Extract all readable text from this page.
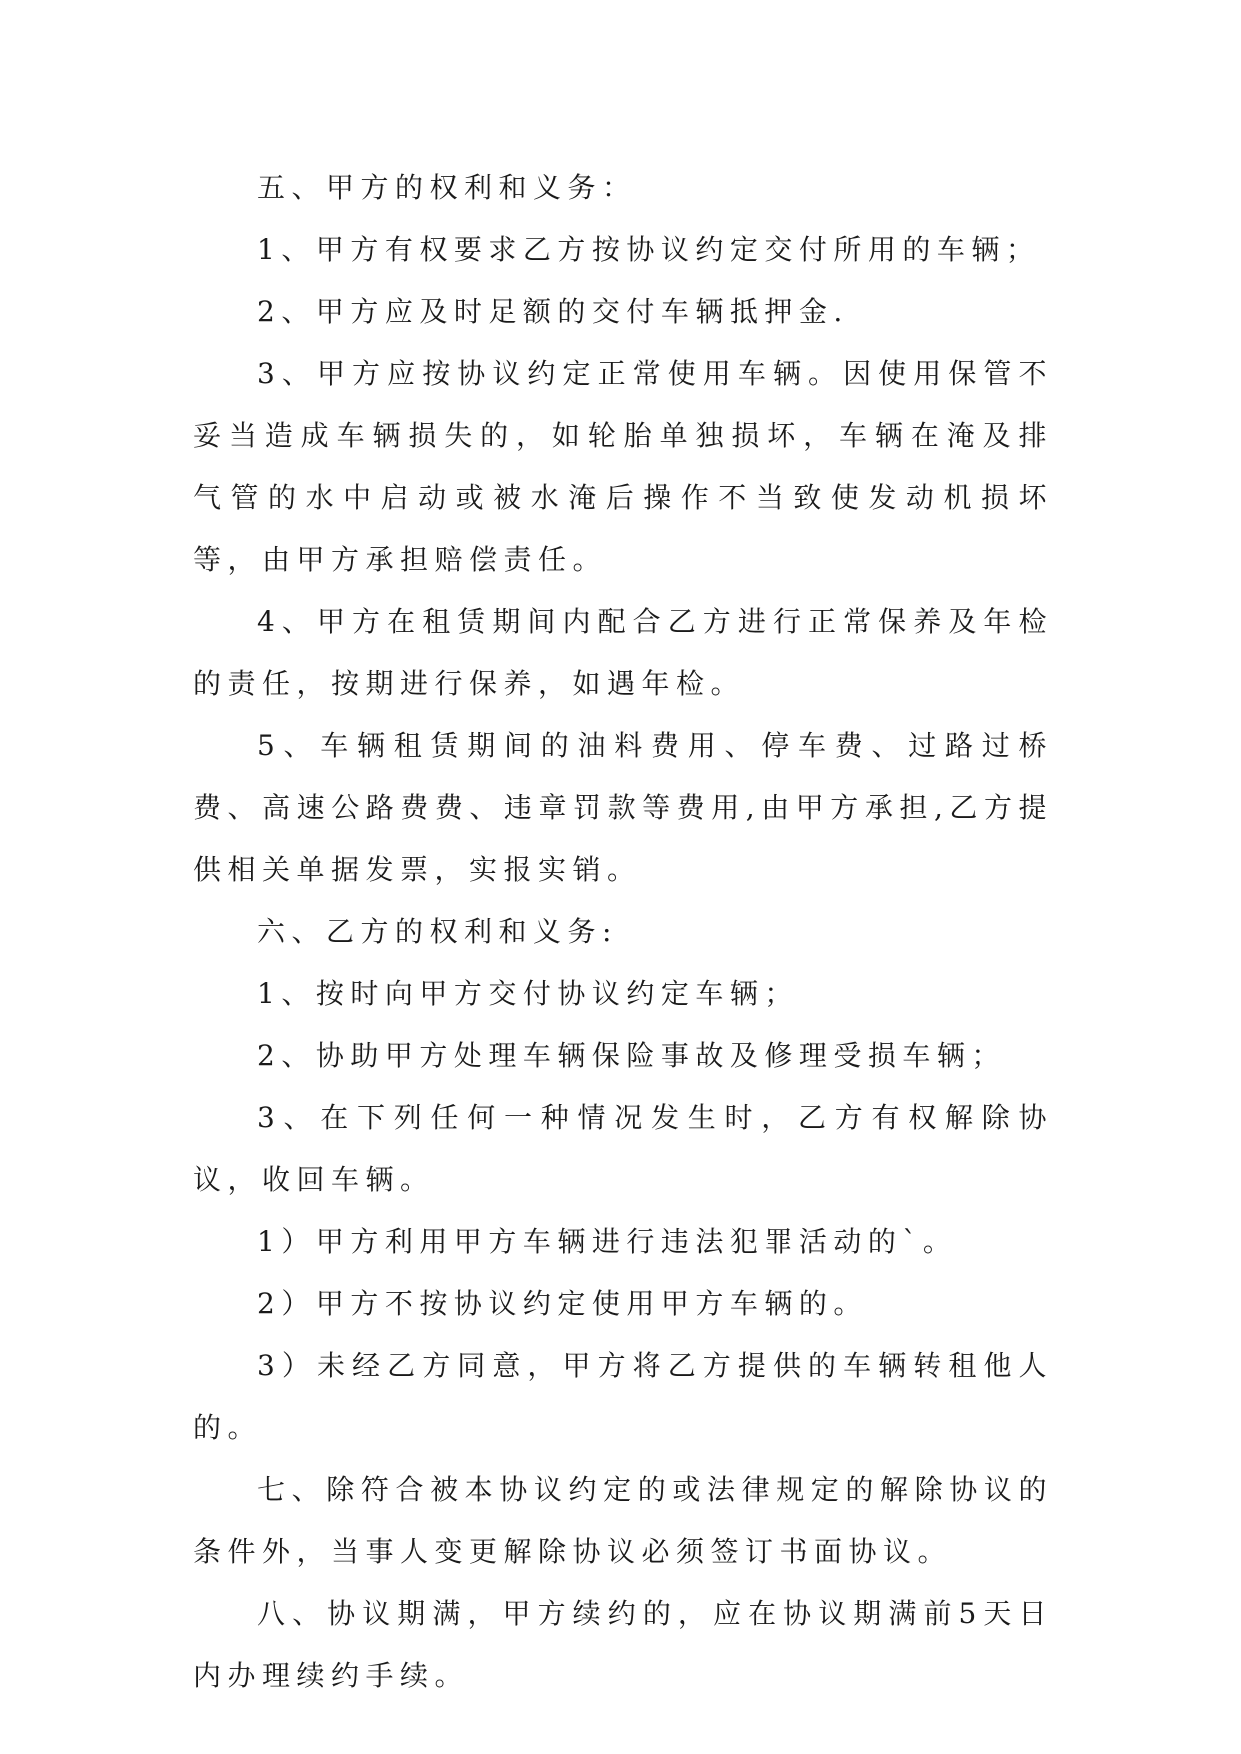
五、甲方的权利和义务：

1、甲方有权要求乙方按协议约定交付所用的车辆；

2、甲方应及时足额的交付车辆抵押金.

3、甲方应按协议约定正常使用车辆。因使用保管不妥当造成车辆损失的，如轮胎单独损坏，车辆在淹及排气管的水中启动或被水淹后操作不当致使发动机损坏等，由甲方承担赔偿责任。

4、甲方在租赁期间内配合乙方进行正常保养及年检的责任，按期进行保养，如遇年检。

5、车辆租赁期间的油料费用、停车费、过路过桥费、高速公路费费、违章罚款等费用,由甲方承担,乙方提供相关单据发票，实报实销。

六、乙方的权利和义务:

1、按时向甲方交付协议约定车辆；

2、协助甲方处理车辆保险事故及修理受损车辆；

3、在下列任何一种情况发生时，乙方有权解除协议，收回车辆。

1）甲方利用甲方车辆进行违法犯罪活动的`。

2）甲方不按协议约定使用甲方车辆的。

3）未经乙方同意，甲方将乙方提供的车辆转租他人的。

七、除符合被本协议约定的或法律规定的解除协议的条件外，当事人变更解除协议必须签订书面协议。

八、协议期满，甲方续约的，应在协议期满前5天日内办理续约手续。
